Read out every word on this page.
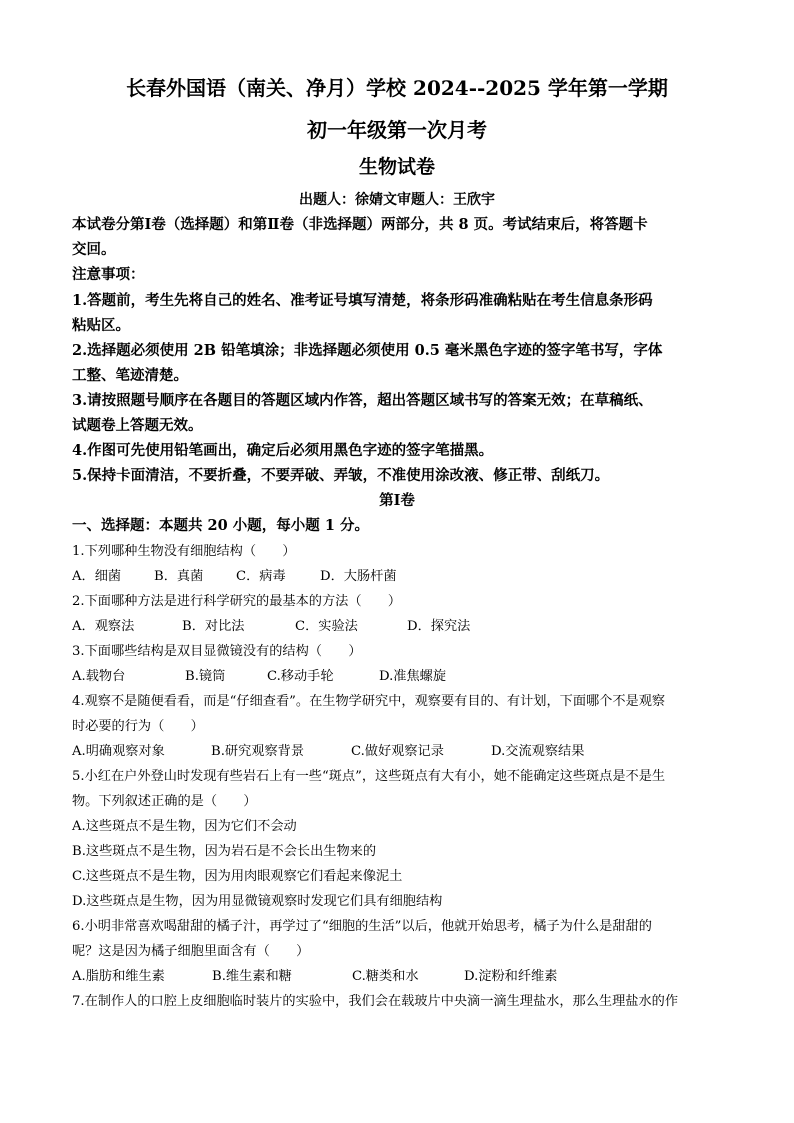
长春外国语（南关、净月）学校 2024--2025 学年第一学期
初一年级第一次月考
生物试卷
出题人：徐婧文审题人：王欣宇
本试卷分第Ⅰ卷（选择题）和第Ⅱ卷（非选择题）两部分，共 8 页。考试结束后，将答题卡
交回。
注意事项：
1.答题前，考生先将自己的姓名、准考证号填写清楚，将条形码准确粘贴在考生信息条形码
粘贴区。
2.选择题必须使用 2B 铅笔填涂；非选择题必须使用 0.5 毫米黑色字迹的签字笔书写，字体
工整、笔迹清楚。
3.请按照题号顺序在各题目的答题区域内作答，超出答题区域书写的答案无效；在草稿纸、
试题卷上答题无效。
4.作图可先使用铅笔画出，确定后必须用黑色字迹的签字笔描黑。
5.保持卡面清洁，不要折叠，不要弄破、弄皱，不准使用涂改液、修正带、刮纸刀。
第Ⅰ卷
一、选择题：本题共 20 小题，每小题 1 分。
1.下列哪种生物没有细胞结构（　　）
A．细菌 B．真菌 C．病毒	D．大肠杆菌
2.下面哪种方法是进行科学研究的最基本的方法（　　）
A．观察法	B．对比法	C．实验法	D．探究法
3.下面哪些结构是双目显微镜没有的结构（　　）
A.载物台	B.镜筒	C.移动手轮	D.准焦螺旋
4.观察不是随便看看，而是“仔细查看”。在生物学研究中，观察要有目的、有计划，下面哪个不是观察
时必要的行为（　　）
A.明确观察对象	B.研究观察背景	C.做好观察记录	D.交流观察结果
5.小红在户外登山时发现有些岩石上有一些“斑点”，这些斑点有大有小，她不能确定这些斑点是不是生
物。下列叙述正确的是（　　）
A.这些斑点不是生物，因为它们不会动
B.这些斑点不是生物，因为岩石是不会长出生物来的
C.这些斑点不是生物，因为用肉眼观察它们看起来像泥土
D.这些斑点是生物，因为用显微镜观察时发现它们具有细胞结构
6.小明非常喜欢喝甜甜的橘子汁，再学过了“细胞的生活”以后，他就开始思考，橘子为什么是甜甜的
呢？这是因为橘子细胞里面含有（　　）
A.脂肪和维生素	B.维生素和糖	C.糖类和水	D.淀粉和纤维素
7.在制作人的口腔上皮细胞临时装片的实验中，我们会在载玻片中央滴一滴生理盐水，那么生理盐水的作
